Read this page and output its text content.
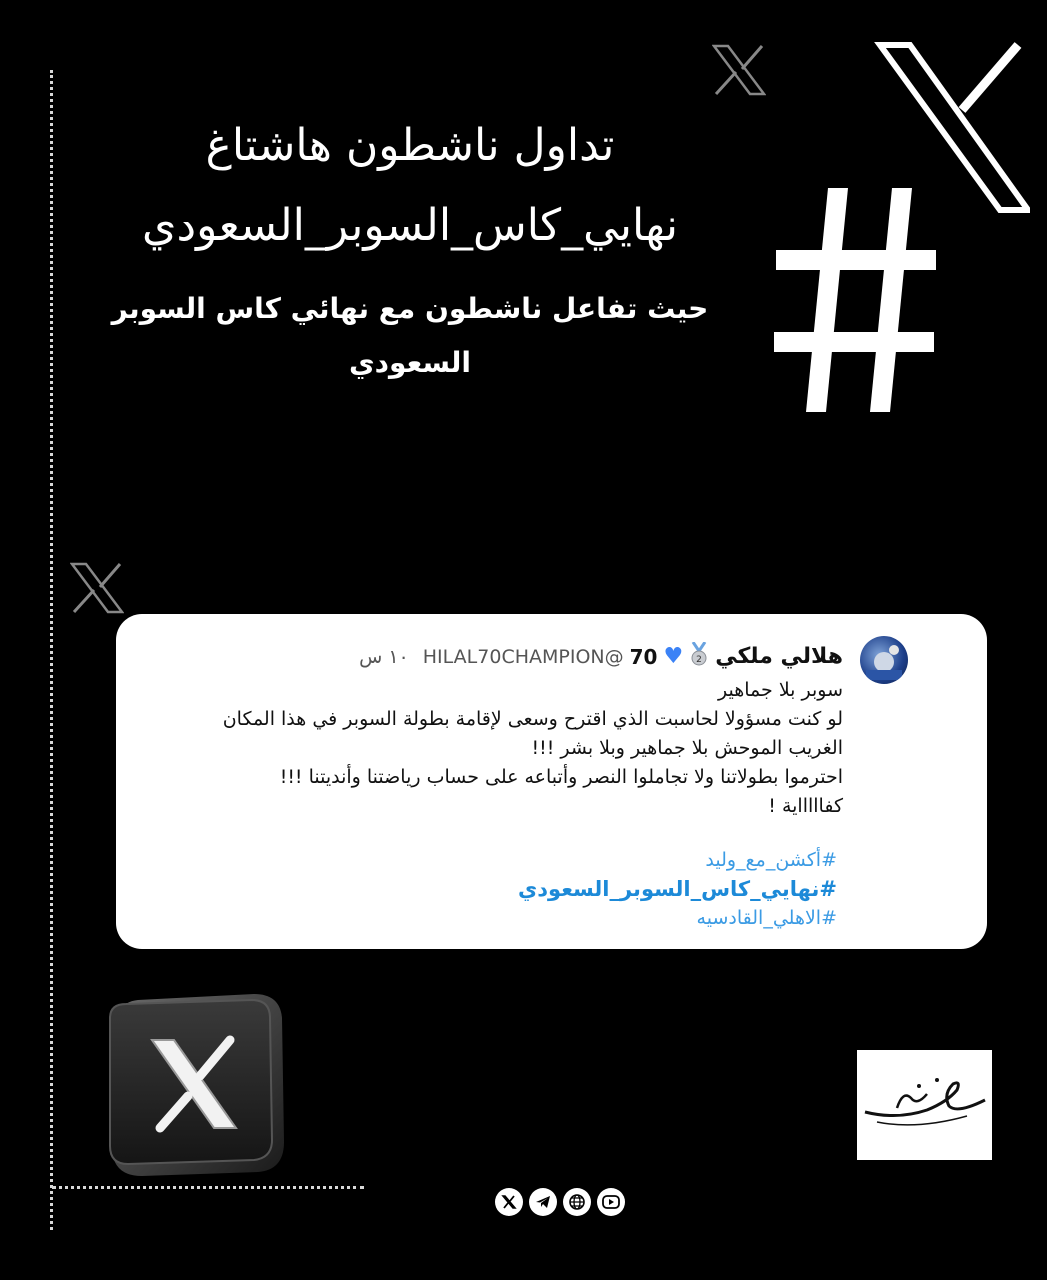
تداول ناشطون هاشتاغ
نهايي_كاس_السوبر_السعودي
حيث تفاعل ناشطون مع نهائي كاس السوبر السعودي
هلالي ملكي
2
♥
70
@HILAL70CHAMPION
١٠ س

سوبر بلا جماهير

لو كنت مسؤولا لحاسبت الذي اقترح وسعى لإقامة بطولة السوبر في هذا المكان

الغريب الموحش بلا جماهير وبلا بشر !!!

احترموا بطولاتنا ولا تجاملوا النصر وأتباعه على حساب رياضتنا وأنديتنا !!!

كفاااااية !

#أكشن_مع_وليد
#نهايي_كاس_السوبر_السعودي
#الاهلي_القادسيه
